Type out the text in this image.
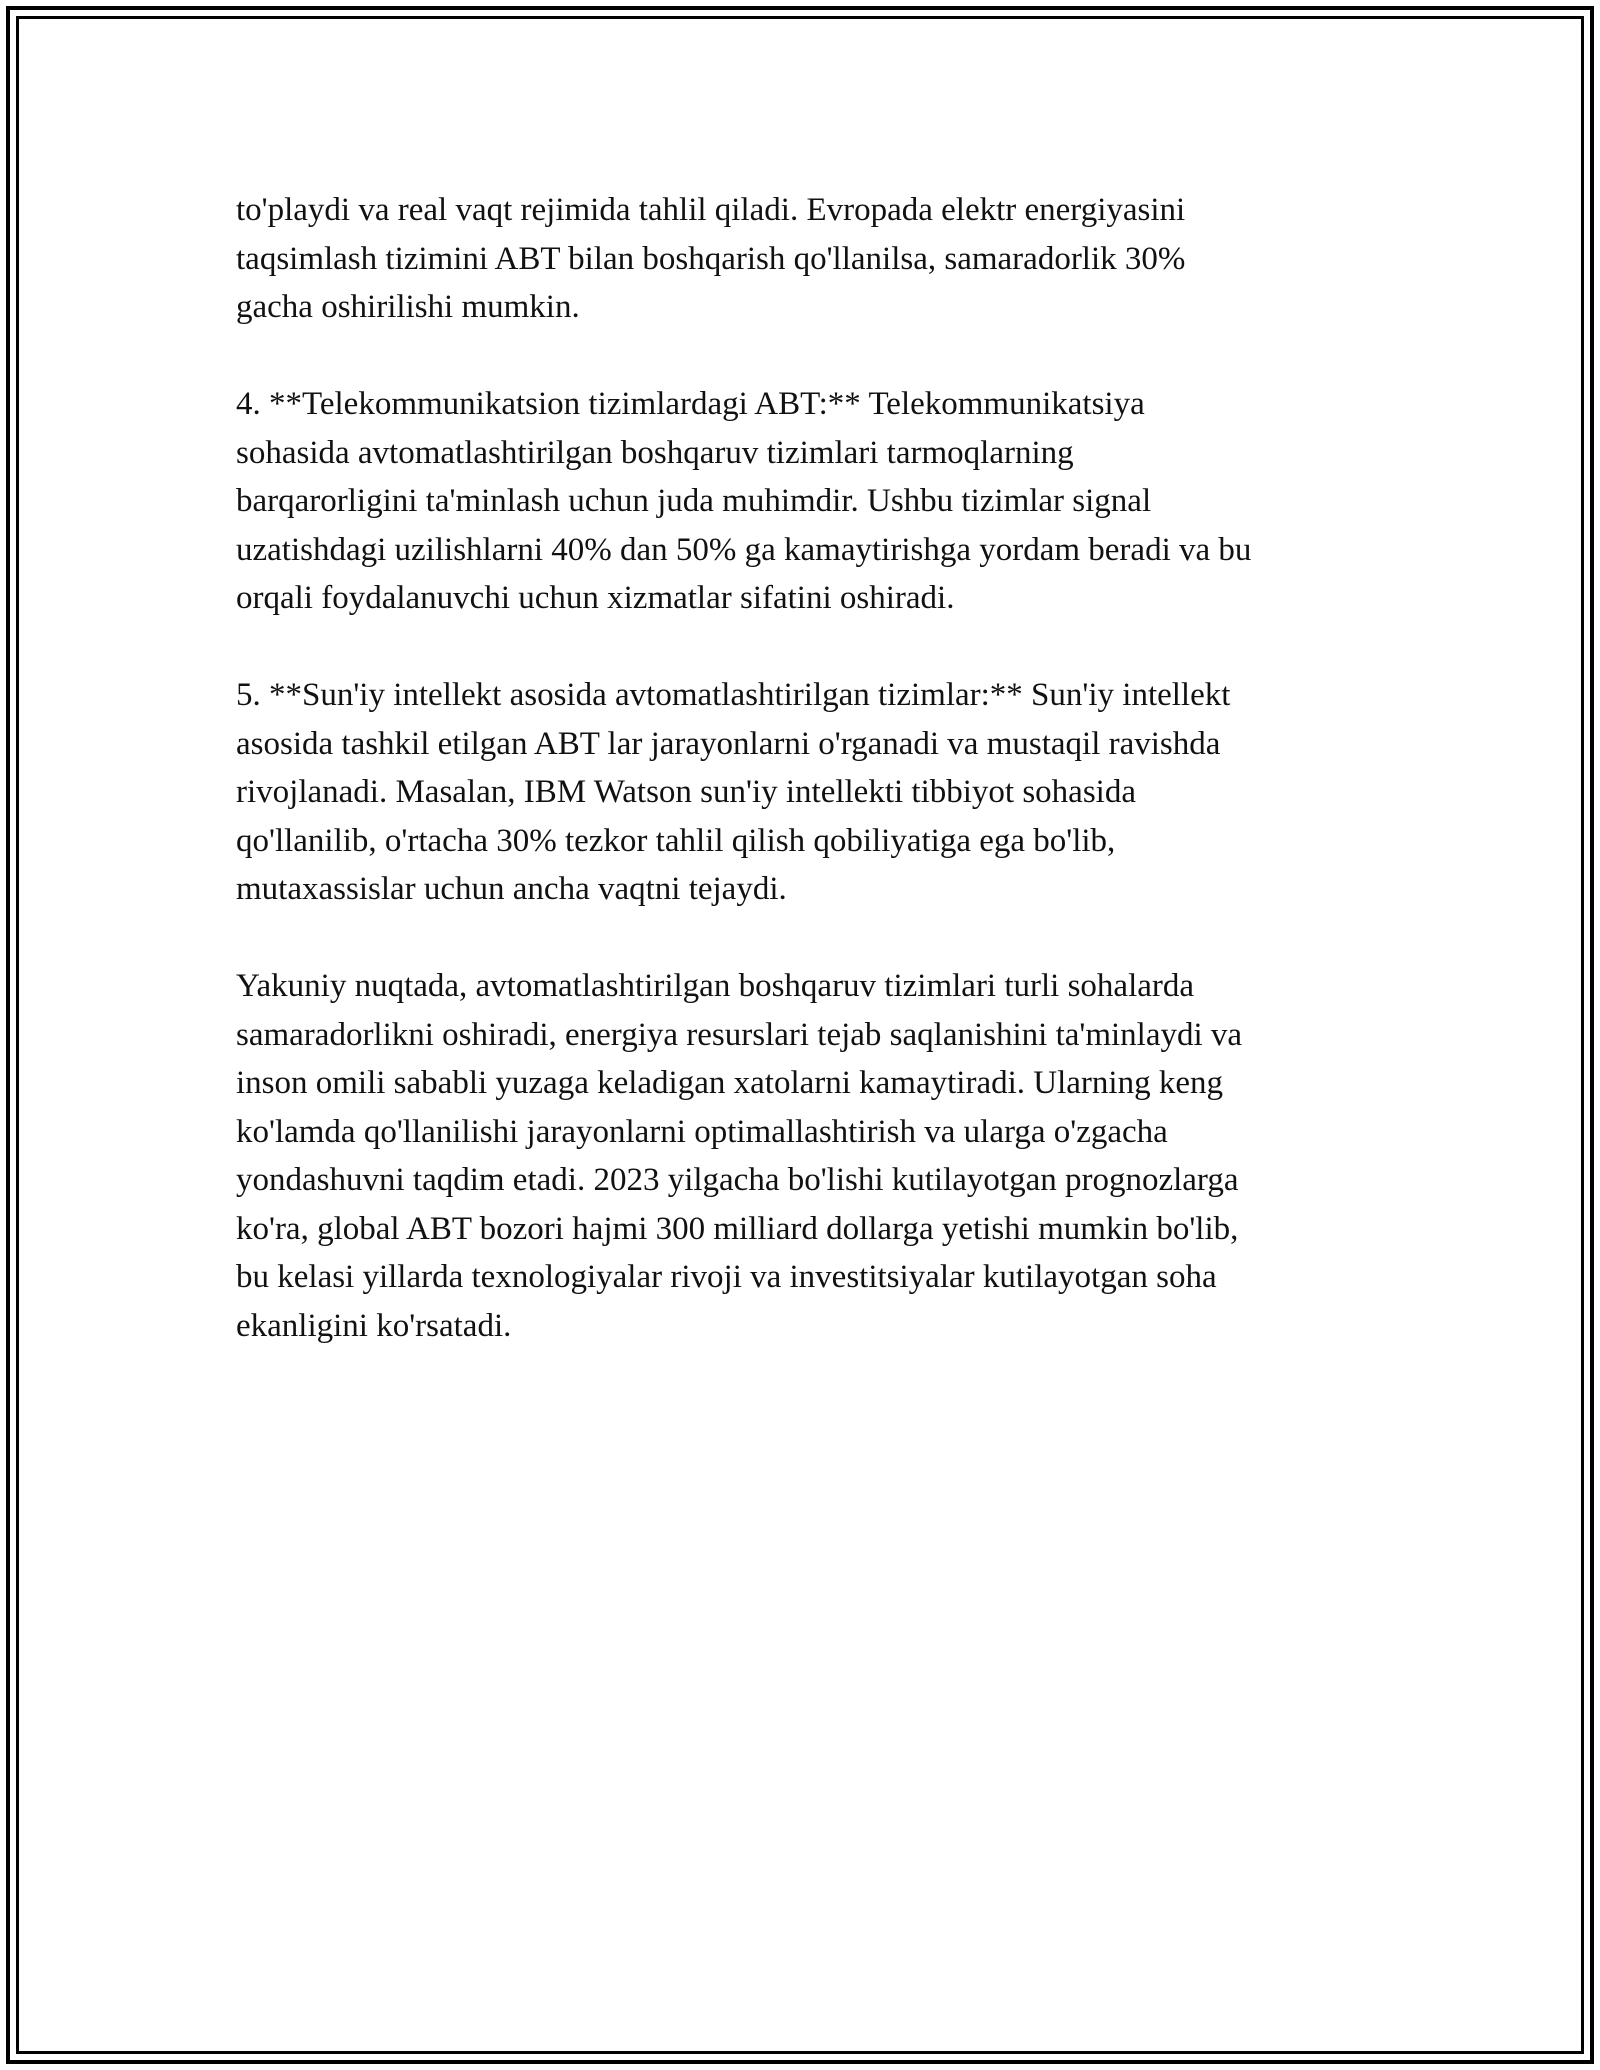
to'playdi va real vaqt rejimida tahlil qiladi. Evropada elektr energiyasini
taqsimlash tizimini ABT bilan boshqarish qo'llanilsa, samaradorlik 30%
gacha oshirilishi mumkin.

4. **Telekommunikatsion tizimlardagi ABT:** Telekommunikatsiya
sohasida avtomatlashtirilgan boshqaruv tizimlari tarmoqlarning
barqarorligini ta'minlash uchun juda muhimdir. Ushbu tizimlar signal
uzatishdagi uzilishlarni 40% dan 50% ga kamaytirishga yordam beradi va bu
orqali foydalanuvchi uchun xizmatlar sifatini oshiradi.

5. **Sun'iy intellekt asosida avtomatlashtirilgan tizimlar:** Sun'iy intellekt
asosida tashkil etilgan ABT lar jarayonlarni o'rganadi va mustaqil ravishda
rivojlanadi. Masalan, IBM Watson sun'iy intellekti tibbiyot sohasida
qo'llanilib, o'rtacha 30% tezkor tahlil qilish qobiliyatiga ega bo'lib,
mutaxassislar uchun ancha vaqtni tejaydi.

Yakuniy nuqtada, avtomatlashtirilgan boshqaruv tizimlari turli sohalarda
samaradorlikni oshiradi, energiya resurslari tejab saqlanishini ta'minlaydi va
inson omili sababli yuzaga keladigan xatolarni kamaytiradi. Ularning keng
ko'lamda qo'llanilishi jarayonlarni optimallashtirish va ularga o'zgacha
yondashuvni taqdim etadi. 2023 yilgacha bo'lishi kutilayotgan prognozlarga
ko'ra, global ABT bozori hajmi 300 milliard dollarga yetishi mumkin bo'lib,
bu kelasi yillarda texnologiyalar rivoji va investitsiyalar kutilayotgan soha
ekanligini ko'rsatadi.
